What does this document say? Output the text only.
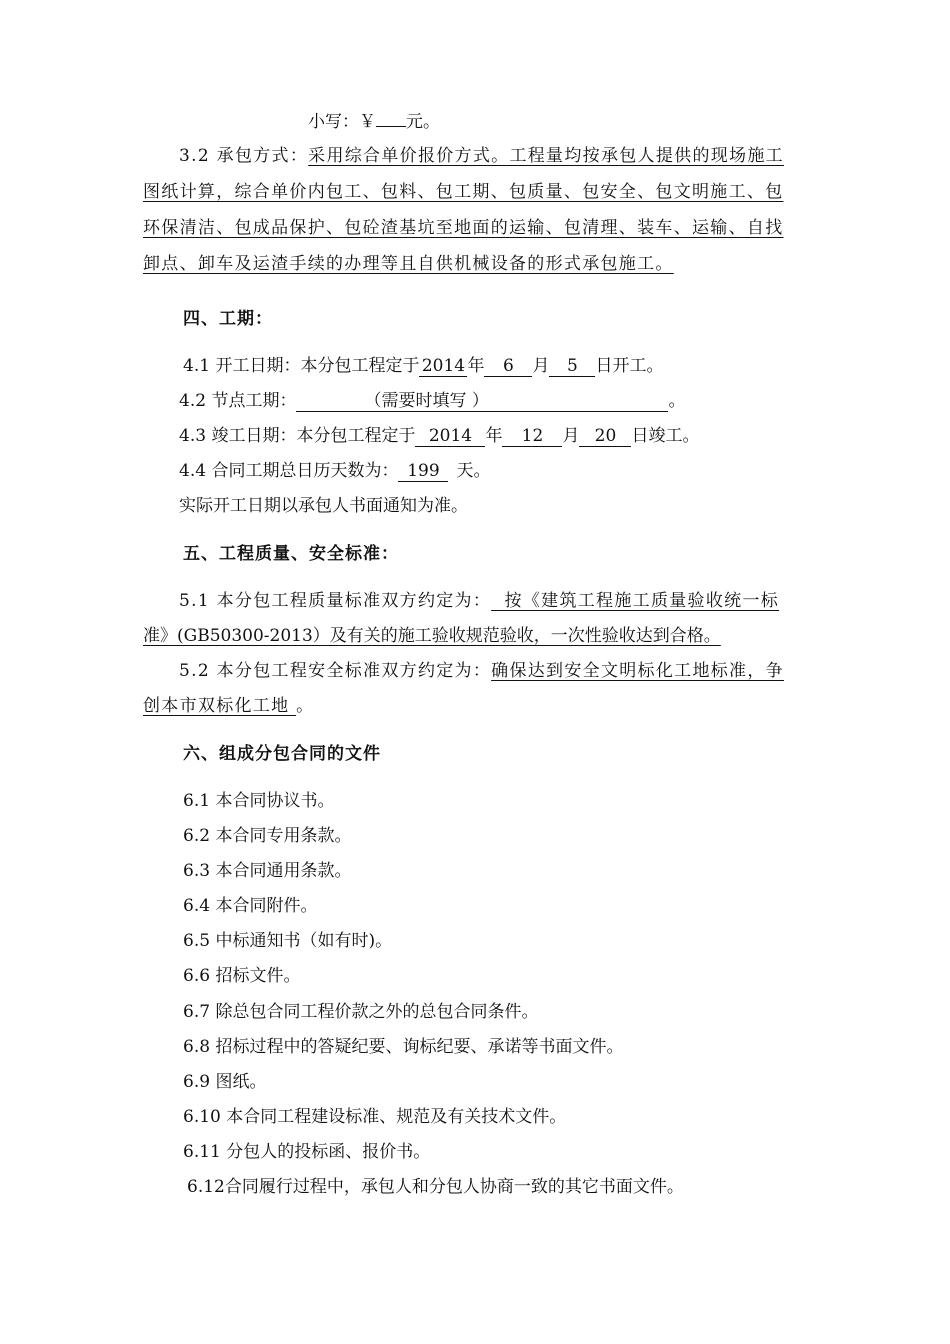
小写：￥ 元。
3.2 承包方式：采用综合单价报价方式。工程量均按承包人提供的现场施工
图纸计算，综合单价内包工、包料、包工期、包质量、包安全、包文明施工、包
环保清洁、包成品保护、包砼渣基坑至地面的运输、包清理、装车、运输、自找
卸点、卸车及运渣手续的办理等且自供机械设备的形式承包施工。
四、工期：
4.1 开工日期：本分包工程定于 2014 年 6 月 5 日开工。
4.2 节点工期：	（需要时填写 ）	。
4.3 竣工日期：本分包工程定于 2014 年 12 月 20 日竣工。
4.4 合同工期总日历天数为： 199 天。
实际开工日期以承包人书面通知为准。
五、工程质量、安全标准：
5.1 本分包工程质量标准双方约定为：  按《建筑工程施工质量验收统一标
准》(GB50300-2013）及有关的施工验收规范验收，一次性验收达到合格。
5.2 本分包工程安全标准双方约定为：确保达到安全文明标化工地标准，争
创本市双标化工地 。
六、组成分包合同的文件
6.1 本合同协议书。
6.2 本合同专用条款。
6.3 本合同通用条款。
6.4 本合同附件。
6.5 中标通知书（如有时)。
6.6 招标文件。
6.7 除总包合同工程价款之外的总包合同条件。
6.8 招标过程中的答疑纪要、询标纪要、承诺等书面文件。
6.9 图纸。
6.10 本合同工程建设标准、规范及有关技术文件。
6.11 分包人的投标函、报价书。
6.12合同履行过程中，承包人和分包人协商一致的其它书面文件。
